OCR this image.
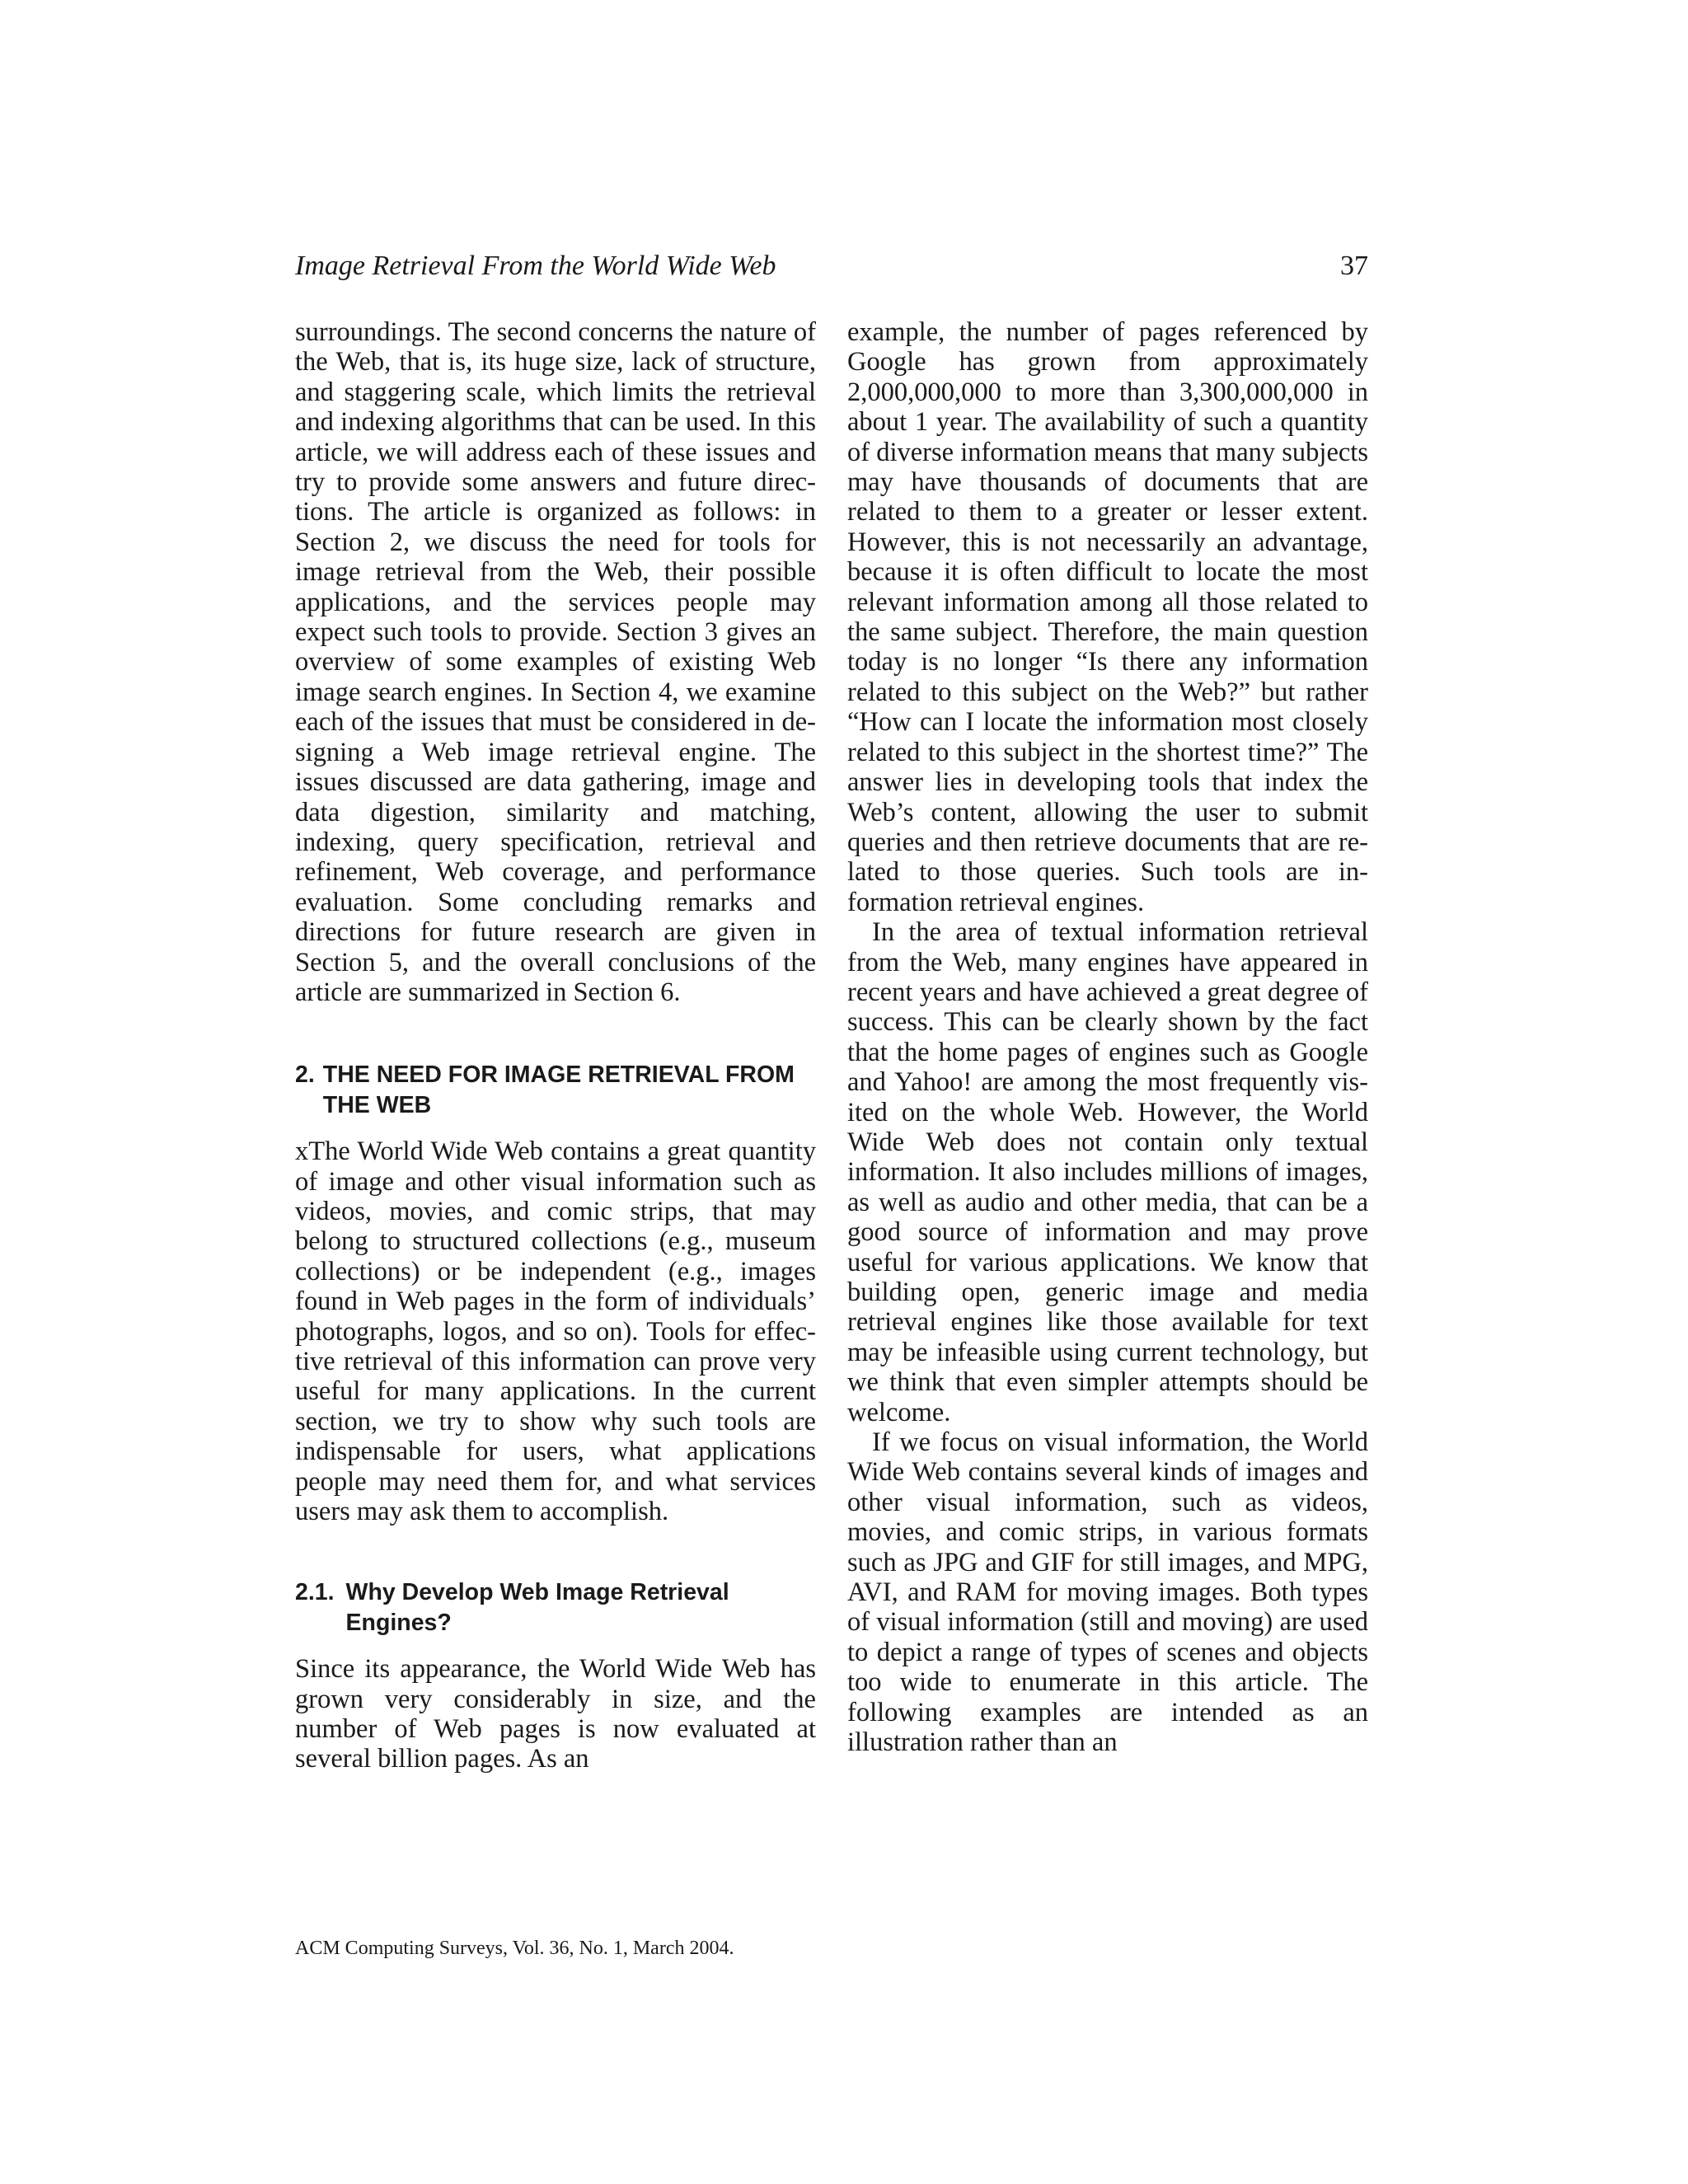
Image Retrieval From the World Wide Web	37

surroundings. The second concerns the nature of the Web, that is, its huge size, lack of structure, and staggering scale, which limits the retrieval and indexing algorithms that can be used. In this article, we will address each of these issues and try to provide some answers and future directions. The article is organized as follows: in Section 2, we discuss the need for tools for image retrieval from the Web, their possible applications, and the services people may expect such tools to provide. Section 3 gives an overview of some examples of existing Web image search engines. In Section 4, we examine each of the issues that must be considered in designing a Web image retrieval engine. The issues discussed are data gathering, image and data digestion, similarity and matching, indexing, query specification, retrieval and refinement, Web coverage, and performance evaluation. Some concluding remarks and directions for future research are given in Section 5, and the overall conclusions of the article are summarized in Section 6.

2. THE NEED FOR IMAGE RETRIEVAL FROM THE WEB

xThe World Wide Web contains a great quantity of image and other visual information such as videos, movies, and comic strips, that may belong to structured collections (e.g., museum collections) or be independent (e.g., images found in Web pages in the form of individuals’ photographs, logos, and so on). Tools for effective retrieval of this information can prove very useful for many applications. In the current section, we try to show why such tools are indispensable for users, what applications people may need them for, and what services users may ask them to accomplish.

2.1. Why Develop Web Image Retrieval Engines?

Since its appearance, the World Wide Web has grown very considerably in size, and the number of Web pages is now evaluated at several billion pages. As an

example, the number of pages referenced by Google has grown from approximately 2,000,000,000 to more than 3,300,000,000 in about 1 year. The availability of such a quantity of diverse information means that many subjects may have thousands of documents that are related to them to a greater or lesser extent. However, this is not necessarily an advantage, because it is often difficult to locate the most relevant information among all those related to the same subject. Therefore, the main question today is no longer “Is there any information related to this subject on the Web?” but rather “How can I locate the information most closely related to this subject in the shortest time?” The answer lies in developing tools that index the Web’s content, allowing the user to submit queries and then retrieve documents that are related to those queries. Such tools are information retrieval engines.

In the area of textual information retrieval from the Web, many engines have appeared in recent years and have achieved a great degree of success. This can be clearly shown by the fact that the home pages of engines such as Google and Yahoo! are among the most frequently visited on the whole Web. However, the World Wide Web does not contain only textual information. It also includes millions of images, as well as audio and other media, that can be a good source of information and may prove useful for various applications. We know that building open, generic image and media retrieval engines like those available for text may be infeasible using current technology, but we think that even simpler attempts should be welcome.

If we focus on visual information, the World Wide Web contains several kinds of images and other visual information, such as videos, movies, and comic strips, in various formats such as JPG and GIF for still images, and MPG, AVI, and RAM for moving images. Both types of visual information (still and moving) are used to depict a range of types of scenes and objects too wide to enumerate in this article. The following examples are intended as an illustration rather than an

ACM Computing Surveys, Vol. 36, No. 1, March 2004.
